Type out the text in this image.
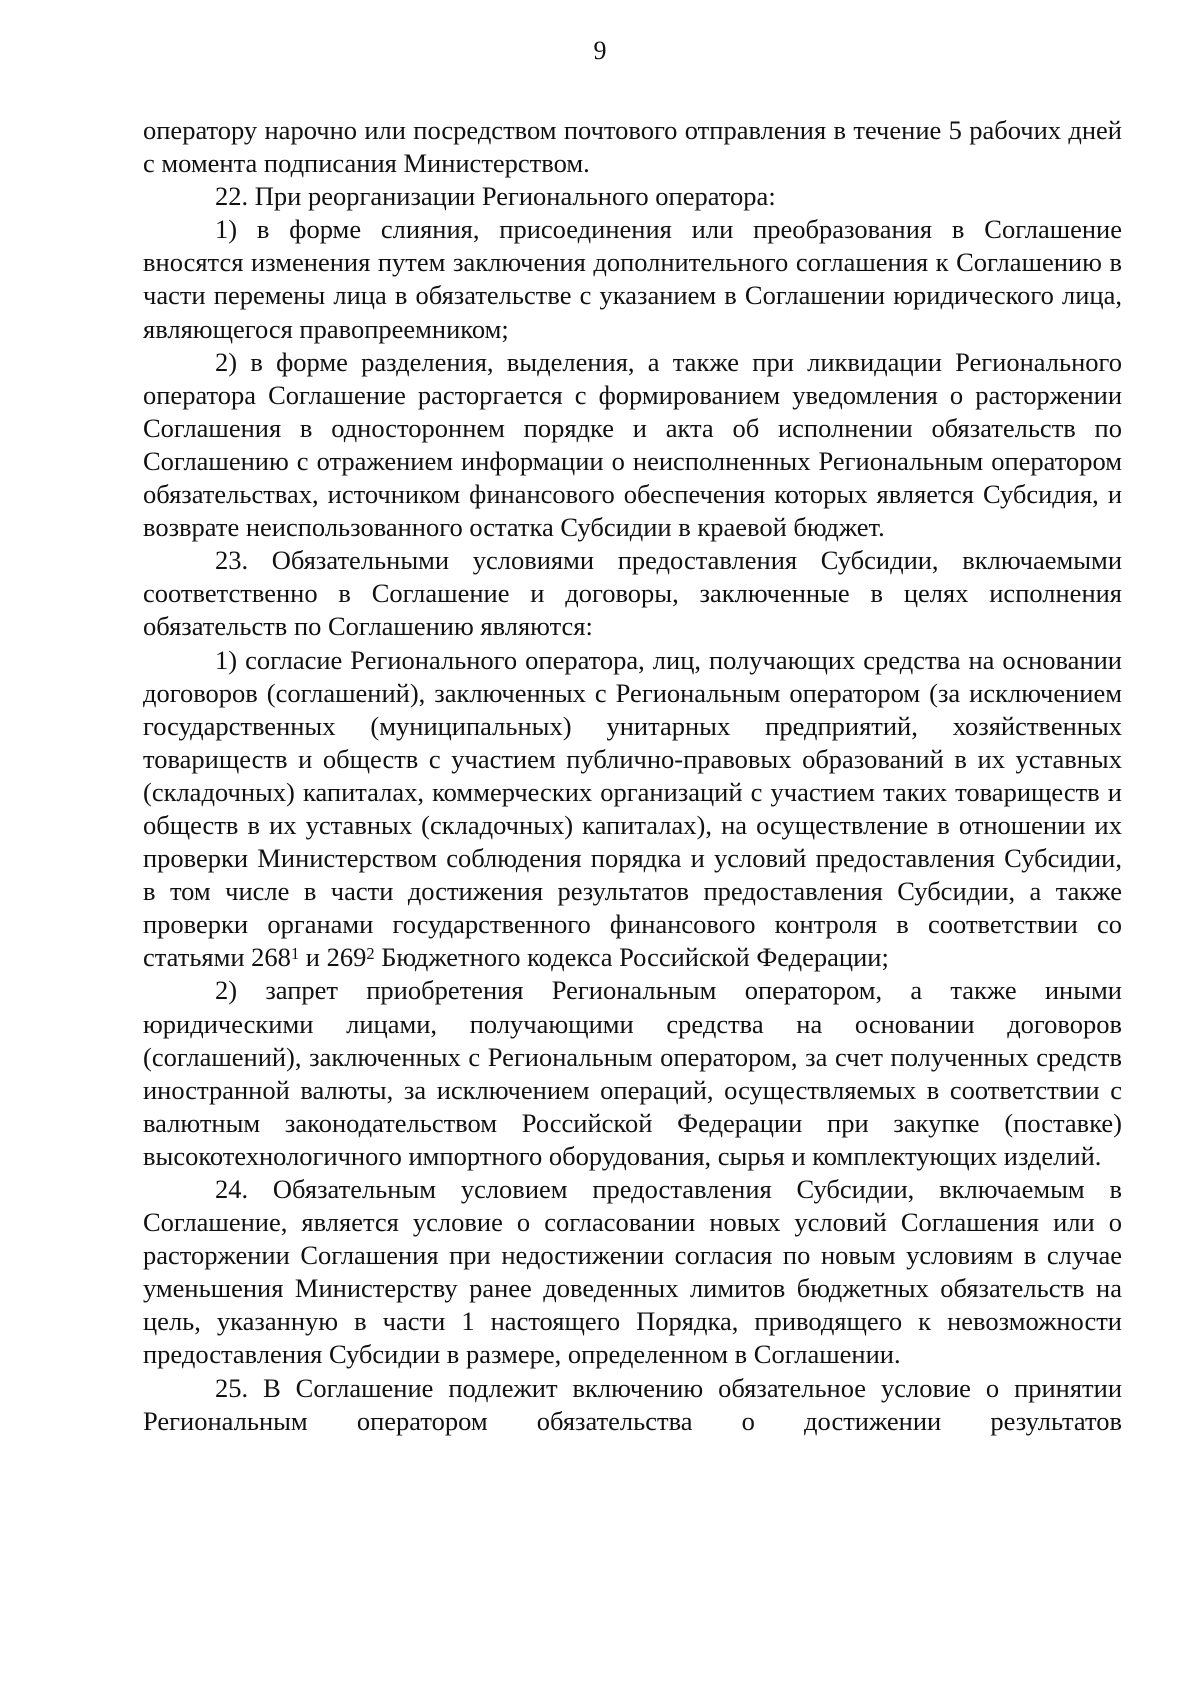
9

оператору нарочно или посредством почтового отправления в течение 5 рабочих дней с момента подписания Министерством.

22. При реорганизации Регионального оператора:

1) в форме слияния, присоединения или преобразования в Соглашение вносятся изменения путем заключения дополнительного соглашения к Соглашению в части перемены лица в обязательстве с указанием в Соглашении юридического лица, являющегося правопреемником;

2) в форме разделения, выделения, а также при ликвидации Регионального оператора Соглашение расторгается с формированием уведомления о расторжении Соглашения в одностороннем порядке и акта об исполнении обязательств по Соглашению с отражением информации о неисполненных Региональным оператором обязательствах, источником финансового обеспечения которых является Субсидия, и возврате неиспользованного остатка Субсидии в краевой бюджет.

23. Обязательными условиями предоставления Субсидии, включаемыми соответственно в Соглашение и договоры, заключенные в целях исполнения обязательств по Соглашению являются:

1) согласие Регионального оператора, лиц, получающих средства на основании договоров (соглашений), заключенных с Региональным оператором (за исключением государственных (муниципальных) унитарных предприятий, хозяйственных товариществ и обществ с участием публично-правовых образований в их уставных (складочных) капиталах, коммерческих организаций с участием таких товариществ и обществ в их уставных (складочных) капиталах), на осуществление в отношении их проверки Министерством соблюдения порядка и условий предоставления Субсидии, в том числе в части достижения результатов предоставления Субсидии, а также проверки органами государственного финансового контроля в соответствии со статьями $268^1$ и $269^2$ Бюджетного кодекса Российской Федерации;

2) запрет приобретения Региональным оператором, а также иными юридическими лицами, получающими средства на основании договоров (соглашений), заключенных с Региональным оператором, за счет полученных средств иностранной валюты, за исключением операций, осуществляемых в соответствии с валютным законодательством Российской Федерации при закупке (поставке) высокотехнологичного импортного оборудования, сырья и комплектующих изделий.

24. Обязательным условием предоставления Субсидии, включаемым в Соглашение, является условие о согласовании новых условий Соглашения или о расторжении Соглашения при недостижении согласия по новым условиям в случае уменьшения Министерству ранее доведенных лимитов бюджетных обязательств на цель, указанную в части 1 настоящего Порядка, приводящего к невозможности предоставления Субсидии в размере, определенном в Соглашении.

25. В Соглашение подлежит включению обязательное условие о принятии Региональным оператором обязательства о достижении результатов
